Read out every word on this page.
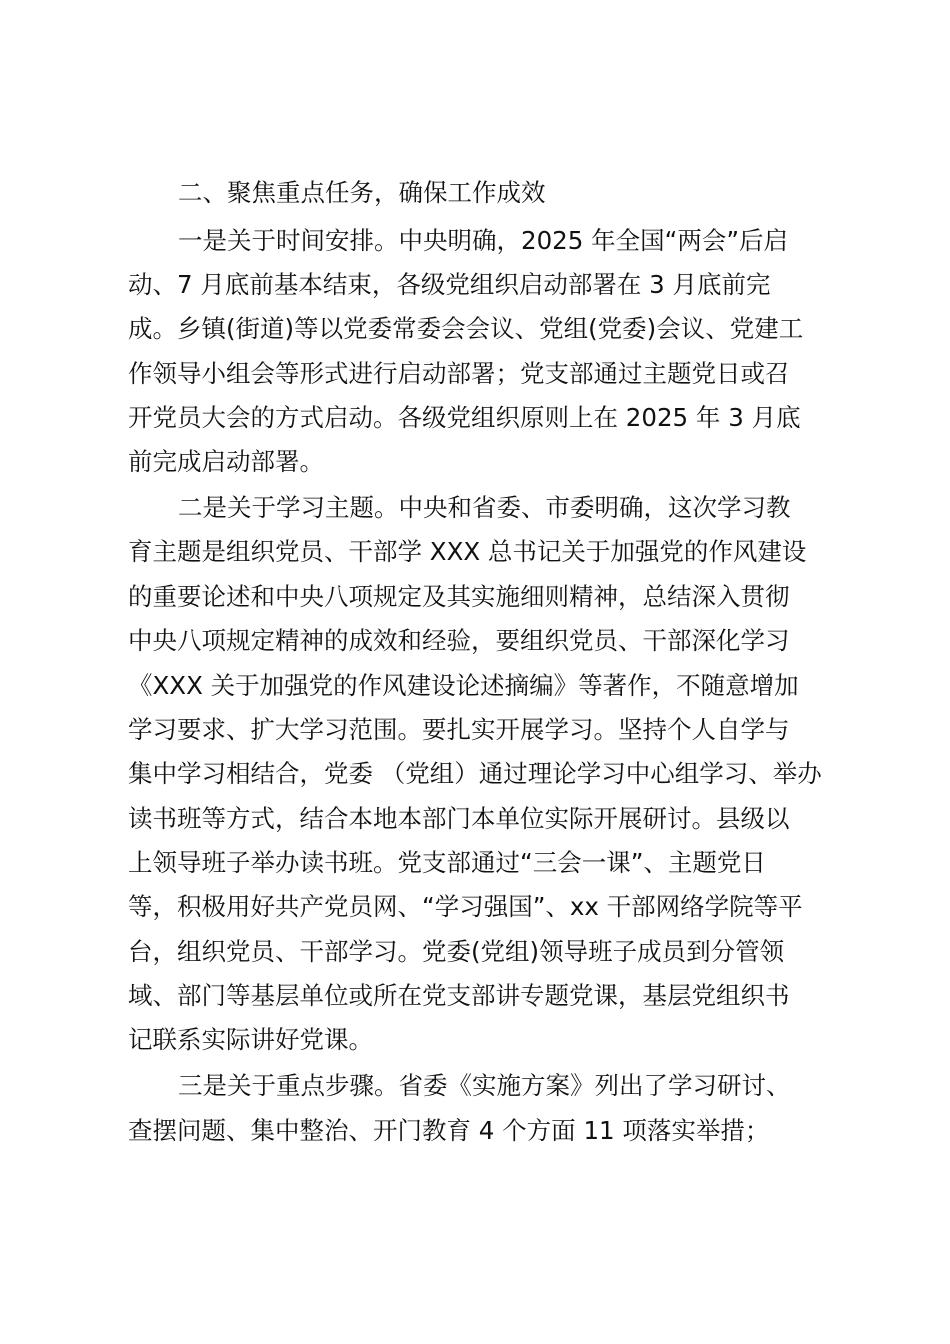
二、聚焦重点任务，确保工作成效

一是关于时间安排。中央明确，2025 年全国“两会”后启

动、7 月底前基本结束，各级党组织启动部署在 3 月底前完

成。乡镇(街道)等以党委常委会会议、党组(党委)会议、党建工

作领导小组会等形式进行启动部署；党支部通过主题党日或召

开党员大会的方式启动。各级党组织原则上在 2025 年 3 月底

前完成启动部署。

二是关于学习主题。中央和省委、市委明确，这次学习教

育主题是组织党员、干部学 XXX 总书记关于加强党的作风建设

的重要论述和中央八项规定及其实施细则精神，总结深入贯彻

中央八项规定精神的成效和经验，要组织党员、干部深化学习

《XXX 关于加强党的作风建设论述摘编》等著作，不随意增加

学习要求、扩大学习范围。要扎实开展学习。坚持个人自学与

集中学习相结合，党委 （党组）通过理论学习中心组学习、举办

读书班等方式，结合本地本部门本单位实际开展研讨。县级以

上领导班子举办读书班。党支部通过“三会一课”、主题党日

等，积极用好共产党员网、“学习强国”、xx 干部网络学院等平

台，组织党员、干部学习。党委(党组)领导班子成员到分管领

域、部门等基层单位或所在党支部讲专题党课，基层党组织书

记联系实际讲好党课。

三是关于重点步骤。省委《实施方案》列出了学习研讨、

查摆问题、集中整治、开门教育 4 个方面 11 项落实举措；
